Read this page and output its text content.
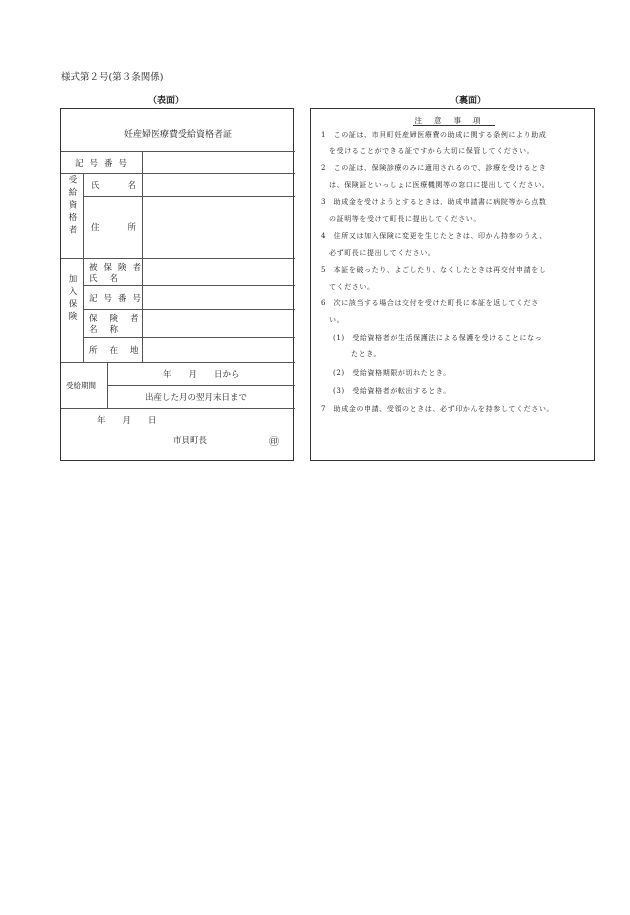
様式第２号(第３条関係)
（表面）	（裏面）
妊産婦医療費受給資格者証
記号番号
受給資格者 氏名
住所
加入保険
被保険者
氏名
記号番号
保険者
名称
所在地
受給期間
年　　月　　日から
出産した月の翌月末日まで
年　　月　　日
市貝町長	㊞
注意事項
1　この証は、市貝町妊産婦医療費の助成に関する条例により助成
を受けることができる証ですから大切に保管してください。
2　この証は、保険診療のみに適用されるので、診療を受けるとき
は、保険証といっしょに医療機関等の窓口に提出してください。
3　助成金を受けようとするときは、助成申請書に病院等から点数
の証明等を受けて町長に提出してください。
4　住所又は加入保険に変更を生じたときは、印かん持参のうえ、
必ず町長に提出してください。
5　本証を破ったり、よごしたり、なくしたときは再交付申請をし
てください。
6　次に該当する場合は交付を受けた町長に本証を返してくださ
い。
(1)　受給資格者が生活保護法による保護を受けることになっ
たとき。
(2)　受給資格期限が切れたとき。
(3)　受給資格者が転出するとき。
7　助成金の申請、受領のときは、必ず印かんを持参してください。
